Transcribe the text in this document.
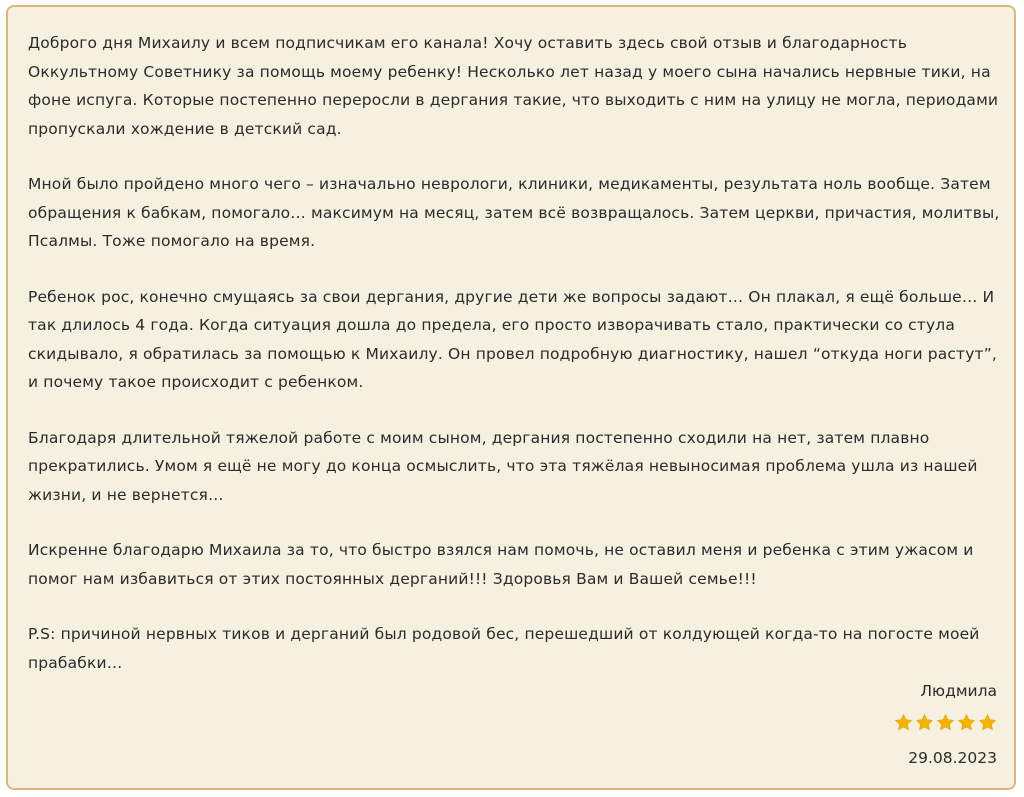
Доброго дня Михаилу и всем подписчикам его канала! Хочу оставить здесь свой отзыв и благодарность Оккультному Советнику за помощь моему ребенку! Несколько лет назад у моего сына начались нервные тики, на фоне испуга. Которые постепенно переросли в дергания такие, что выходить с ним на улицу не могла, периодами пропускали хождение в детский сад.

Мной было пройдено много чего – изначально неврологи, клиники, медикаменты, результата ноль вообще. Затем обращения к бабкам, помогало… максимум на месяц, затем всё возвращалось. Затем церкви, причастия, молитвы, Псалмы. Тоже помогало на время.

Ребенок рос, конечно смущаясь за свои дергания, другие дети же вопросы задают… Он плакал, я ещё больше… И так длилось 4 года. Когда ситуация дошла до предела, его просто изворачивать стало, практически со стула скидывало, я обратилась за помощью к Михаилу. Он провел подробную диагностику, нашел “откуда ноги растут”, и почему такое происходит с ребенком.

Благодаря длительной тяжелой работе с моим сыном, дергания постепенно сходили на нет, затем плавно прекратились. Умом я ещё не могу до конца осмыслить, что эта тяжёлая невыносимая проблема ушла из нашей жизни, и не вернется…

Искренне благодарю Михаила за то, что быстро взялся нам помочь, не оставил меня и ребенка с этим ужасом и помог нам избавиться от этих постоянных дерганий!!! Здоровья Вам и Вашей семье!!!

P.S: причиной нервных тиков и дерганий был родовой бес, перешедший от колдующей когда-то на погосте моей прабабки…

Людмила
29.08.2023
